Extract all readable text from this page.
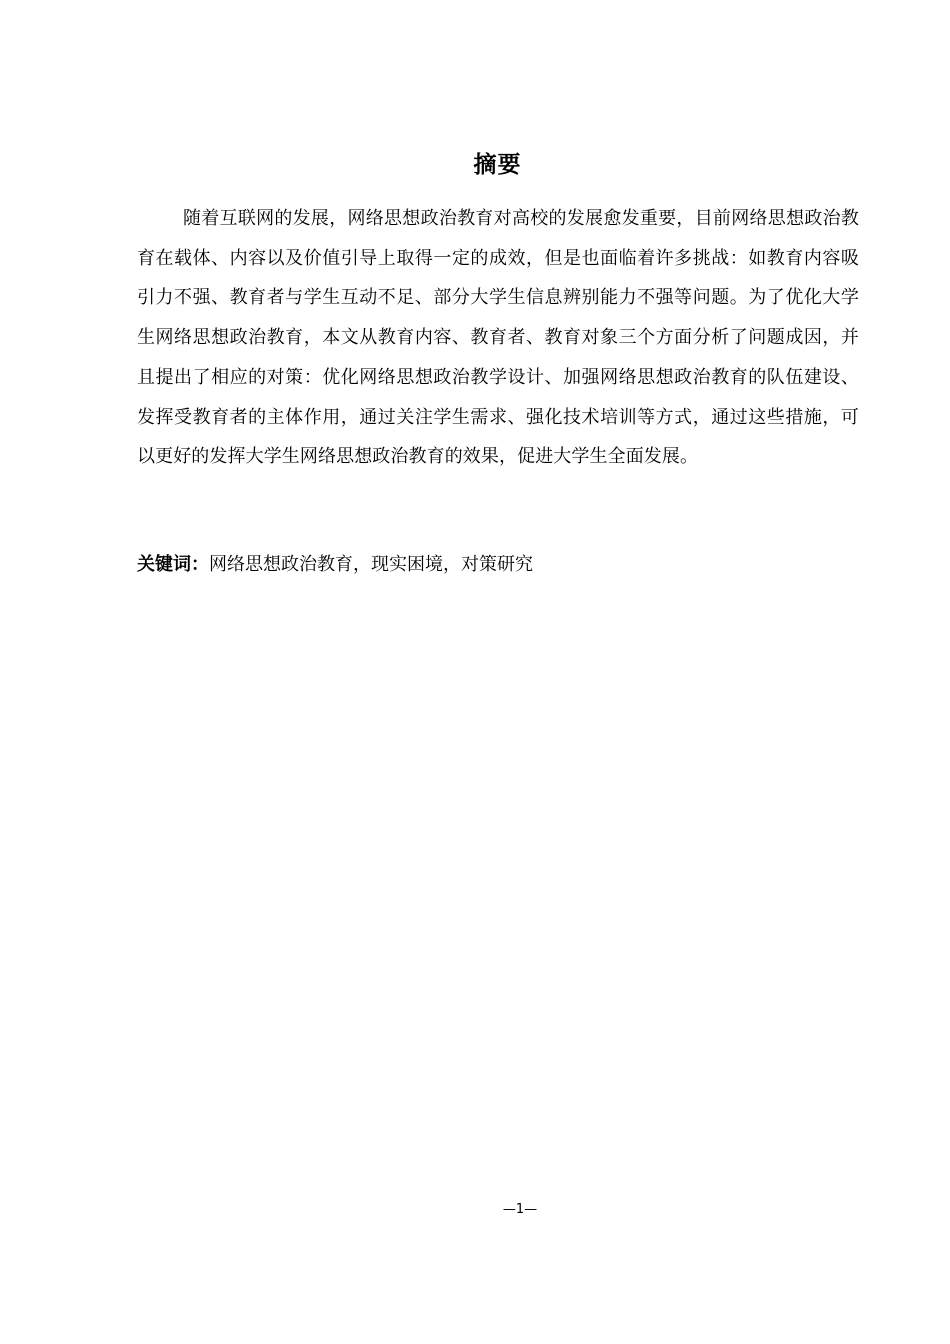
摘要

随着互联网的发展，网络思想政治教育对高校的发展愈发重要，目前网络思想政治教育在载体、内容以及价值引导上取得一定的成效，但是也面临着许多挑战：如教育内容吸引力不强、教育者与学生互动不足、部分大学生信息辨别能力不强等问题。为了优化大学生网络思想政治教育，本文从教育内容、教育者、教育对象三个方面分析了问题成因，并且提出了相应的对策：优化网络思想政治教学设计、加强网络思想政治教育的队伍建设、发挥受教育者的主体作用，通过关注学生需求、强化技术培训等方式，通过这些措施，可以更好的发挥大学生网络思想政治教育的效果，促进大学生全面发展。

关键词：网络思想政治教育，现实困境，对策研究
—1—
